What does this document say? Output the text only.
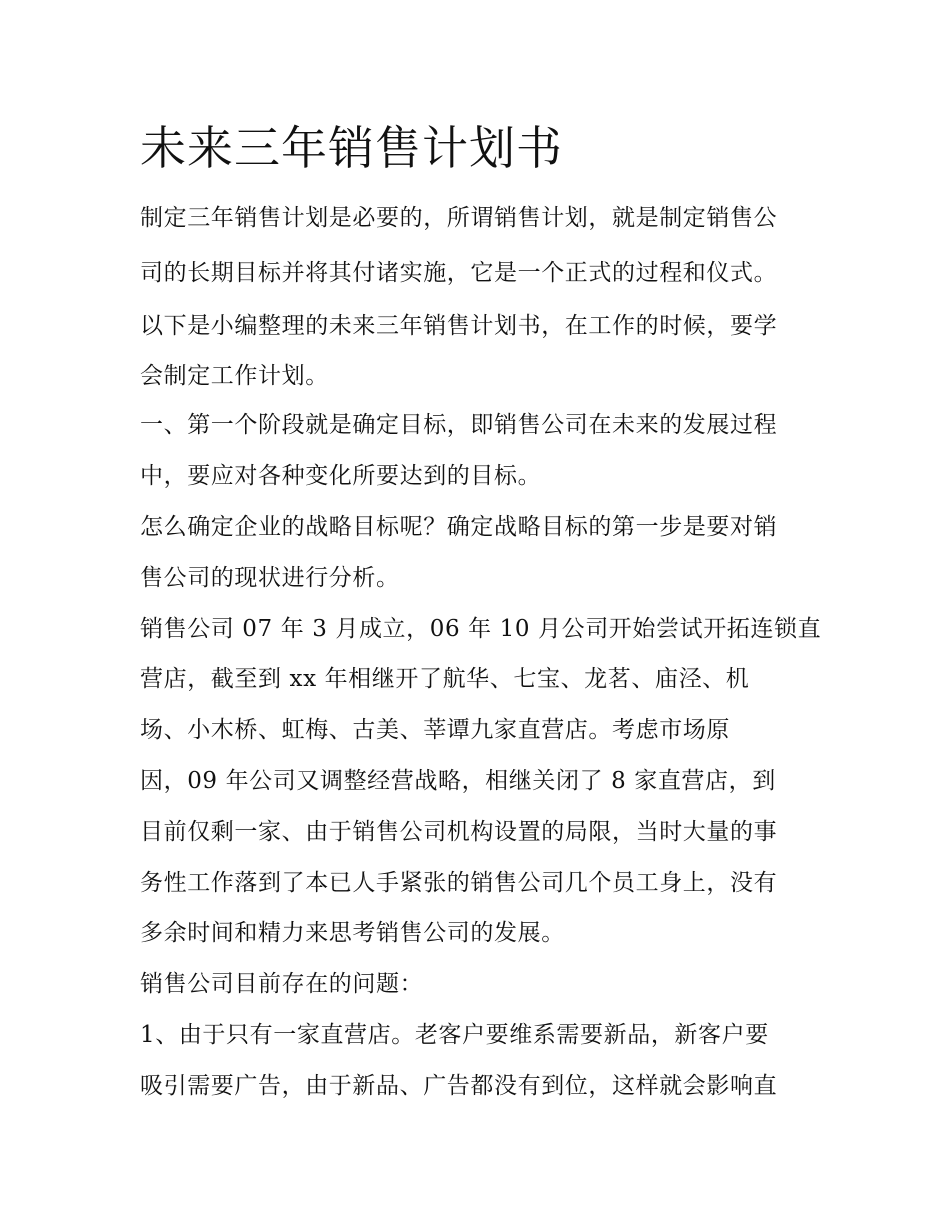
未来三年销售计划书
制定三年销售计划是必要的，所谓销售计划，就是制定销售公
司的长期目标并将其付诸实施，它是一个正式的过程和仪式。
以下是小编整理的未来三年销售计划书，在工作的时候，要学
会制定工作计划。
一、第一个阶段就是确定目标，即销售公司在未来的发展过程
中，要应对各种变化所要达到的目标。
怎么确定企业的战略目标呢？确定战略目标的第一步是要对销
售公司的现状进行分析。
销售公司 07 年 3 月成立，06 年 10 月公司开始尝试开拓连锁直
营店，截至到 xx 年相继开了航华、七宝、龙茗、庙泾、机
场、小木桥、虹梅、古美、莘谭九家直营店。考虑市场原
因，09 年公司又调整经营战略，相继关闭了 8 家直营店，到
目前仅剩一家、由于销售公司机构设置的局限，当时大量的事
务性工作落到了本已人手紧张的销售公司几个员工身上，没有
多余时间和精力来思考销售公司的发展。
销售公司目前存在的问题：
1、由于只有一家直营店。老客户要维系需要新品，新客户要
吸引需要广告，由于新品、广告都没有到位，这样就会影响直
